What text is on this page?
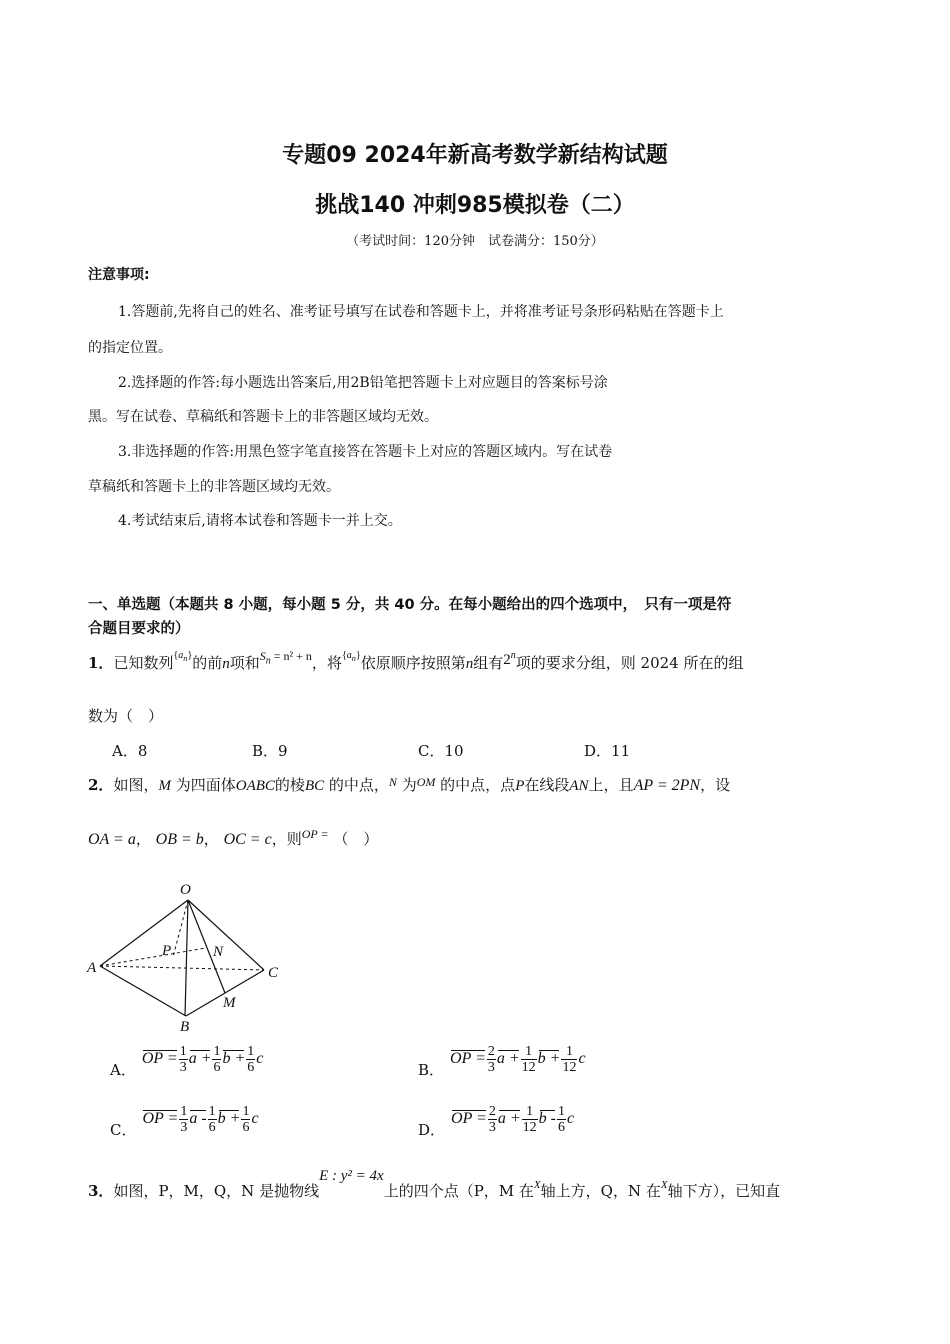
专题09 2024年新高考数学新结构试题
挑战140 冲刺985模拟卷（二）
（考试时间：120分钟　试卷满分：150分）
注意事项:
1.答题前,先将自己的姓名、准考证号填写在试卷和答题卡上，并将准考证号条形码粘贴在答题卡上
的指定位置。
2.选择题的作答:每小题选出答案后,用2B铅笔把答题卡上对应题目的答案标号涂
黑。写在试卷、草稿纸和答题卡上的非答题区域均无效。
3.非选择题的作答:用黑色签字笔直接答在答题卡上对应的答题区域内。写在试卷
草稿纸和答题卡上的非答题区域均无效。
4.考试结束后,请将本试卷和答题卡一并上交。
一、单选题（本题共 8 小题，每小题 5 分，共 40 分。在每小题给出的四个选项中，　只有一项是符
合题目要求的）
1．已知数列$^{\{a_n\}}$的前n项和$^{S_n = n^2 + n}$，将$^{\{a_n\}}$依原顺序按照第n组有2$^n$项的要求分组，则 2024 所在的组
数为（　）
A．8	B．9	C．10	D．11
2．如图，M 为四面体OABC的棱BC 的中点，$^N$ 为$^{OM}$ 的中点，点P在线段AN上，且AP = 2PN，设
OA = a， OB = b， OC = c，则$^{OP =}$ （　）
O
A
B
C
P	N
M
A．OP = $\frac{1}{3}$ $a + \frac{1}{6}$ $b + \frac{1}{6}$ c
B．OP = $\frac{2}{3}$ $a + \frac{1}{12}$ $b + \frac{1}{12}$ c
C．OP = $\frac{1}{3}$ a - $\frac{1}{6}$ $b + \frac{1}{6}$ c
D．OP = $\frac{2}{3}$ $a + \frac{1}{12}$ b - $\frac{1}{6}$ c
3．如图，P，M，Q，N 是抛物线E : y² = 4x上的四个点（P，M 在$^X$轴上方，Q，N 在$^X$轴下方），已知直
